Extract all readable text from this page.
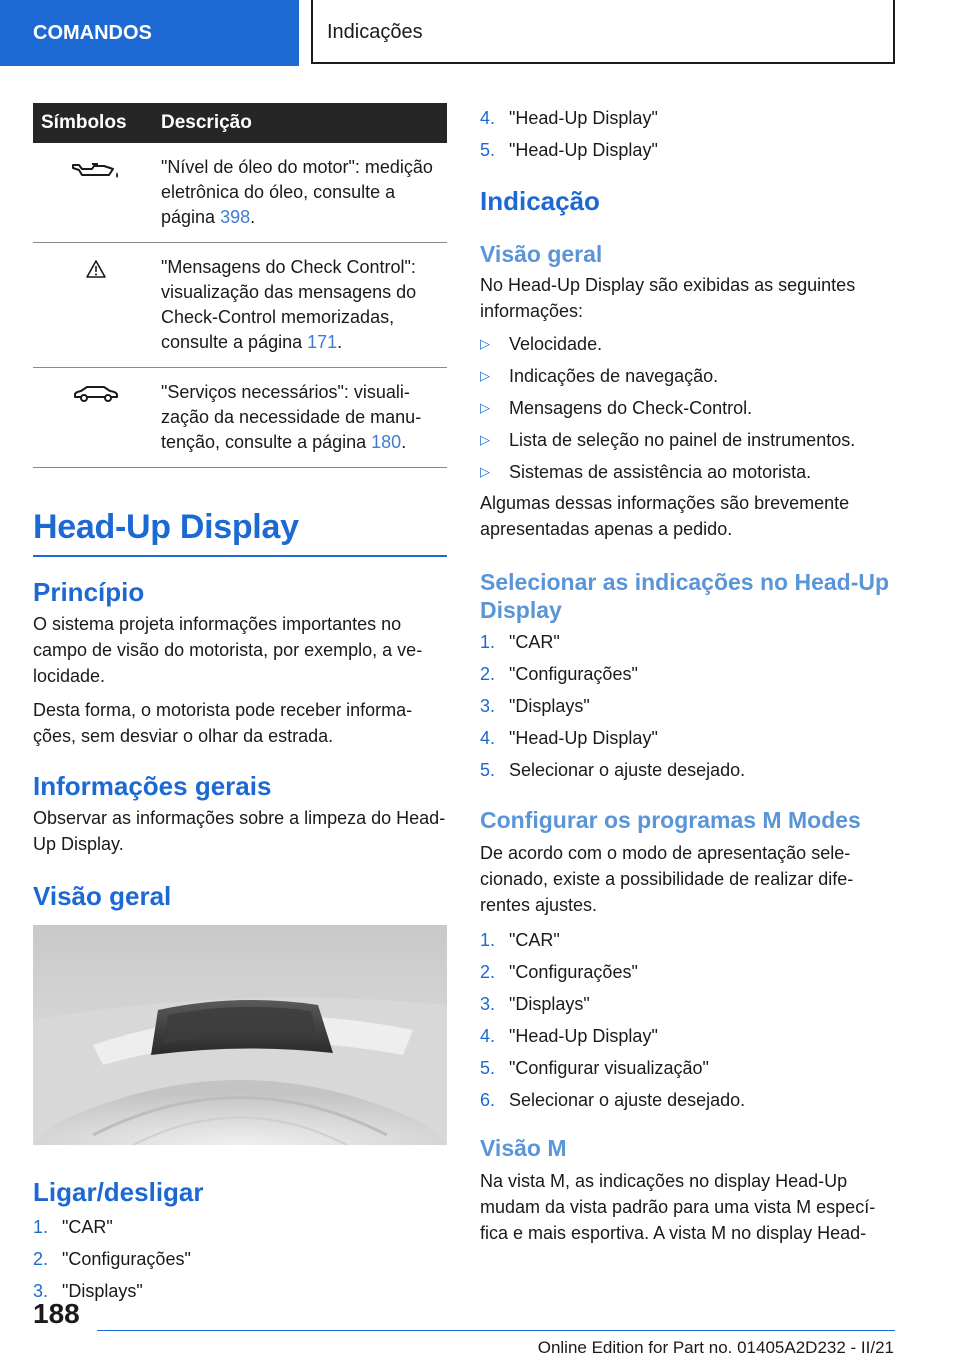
COMANDOS	Indicações
Símbolos	Descrição
	"Nível de óleo do motor": medição eletrônica do óleo, consulte a página 398.
	"Mensagens do Check Control": visualização das mensagens do Check-Control memorizadas, consulte a página 171.
	"Serviços necessários": visualização da necessidade de manutenção, consulte a página 180.
Head-Up Display
Princípio

O sistema projeta informações importantes no campo de visão do motorista, por exemplo, a velocidade.

Desta forma, o motorista pode receber informações, sem desviar o olhar da estrada.

Informações gerais

Observar as informações sobre a limpeza do Head-Up Display.

Visão geral
Ligar/desligar
1. "CAR"
2. "Configurações"
3. "Displays"
4. "Head-Up Display"
5. "Head-Up Display"
Indicação
Visão geral

No Head-Up Display são exibidas as seguintes informações:

▷	Velocidade.
▷	Indicações de navegação.
▷	Mensagens do Check-Control.
▷	Lista de seleção no painel de instrumentos.
▷	Sistemas de assistência ao motorista.

Algumas dessas informações são brevemente apresentadas apenas a pedido.

Selecionar as indicações no Head-Up Display
1. "CAR"
2. "Configurações"
3. "Displays"
4. "Head-Up Display"
5. Selecionar o ajuste desejado.
Configurar os programas M Modes

De acordo com o modo de apresentação selecionado, existe a possibilidade de realizar diferentes ajustes.

1. "CAR"
2. "Configurações"
3. "Displays"
4. "Head-Up Display"
5. "Configurar visualização"
6. Selecionar o ajuste desejado.
Visão M

Na vista M, as indicações no display Head-Up mudam da vista padrão para uma vista M específica e mais esportiva. A vista M no display Head-

188
Online Edition for Part no. 01405A2D232 - II/21
